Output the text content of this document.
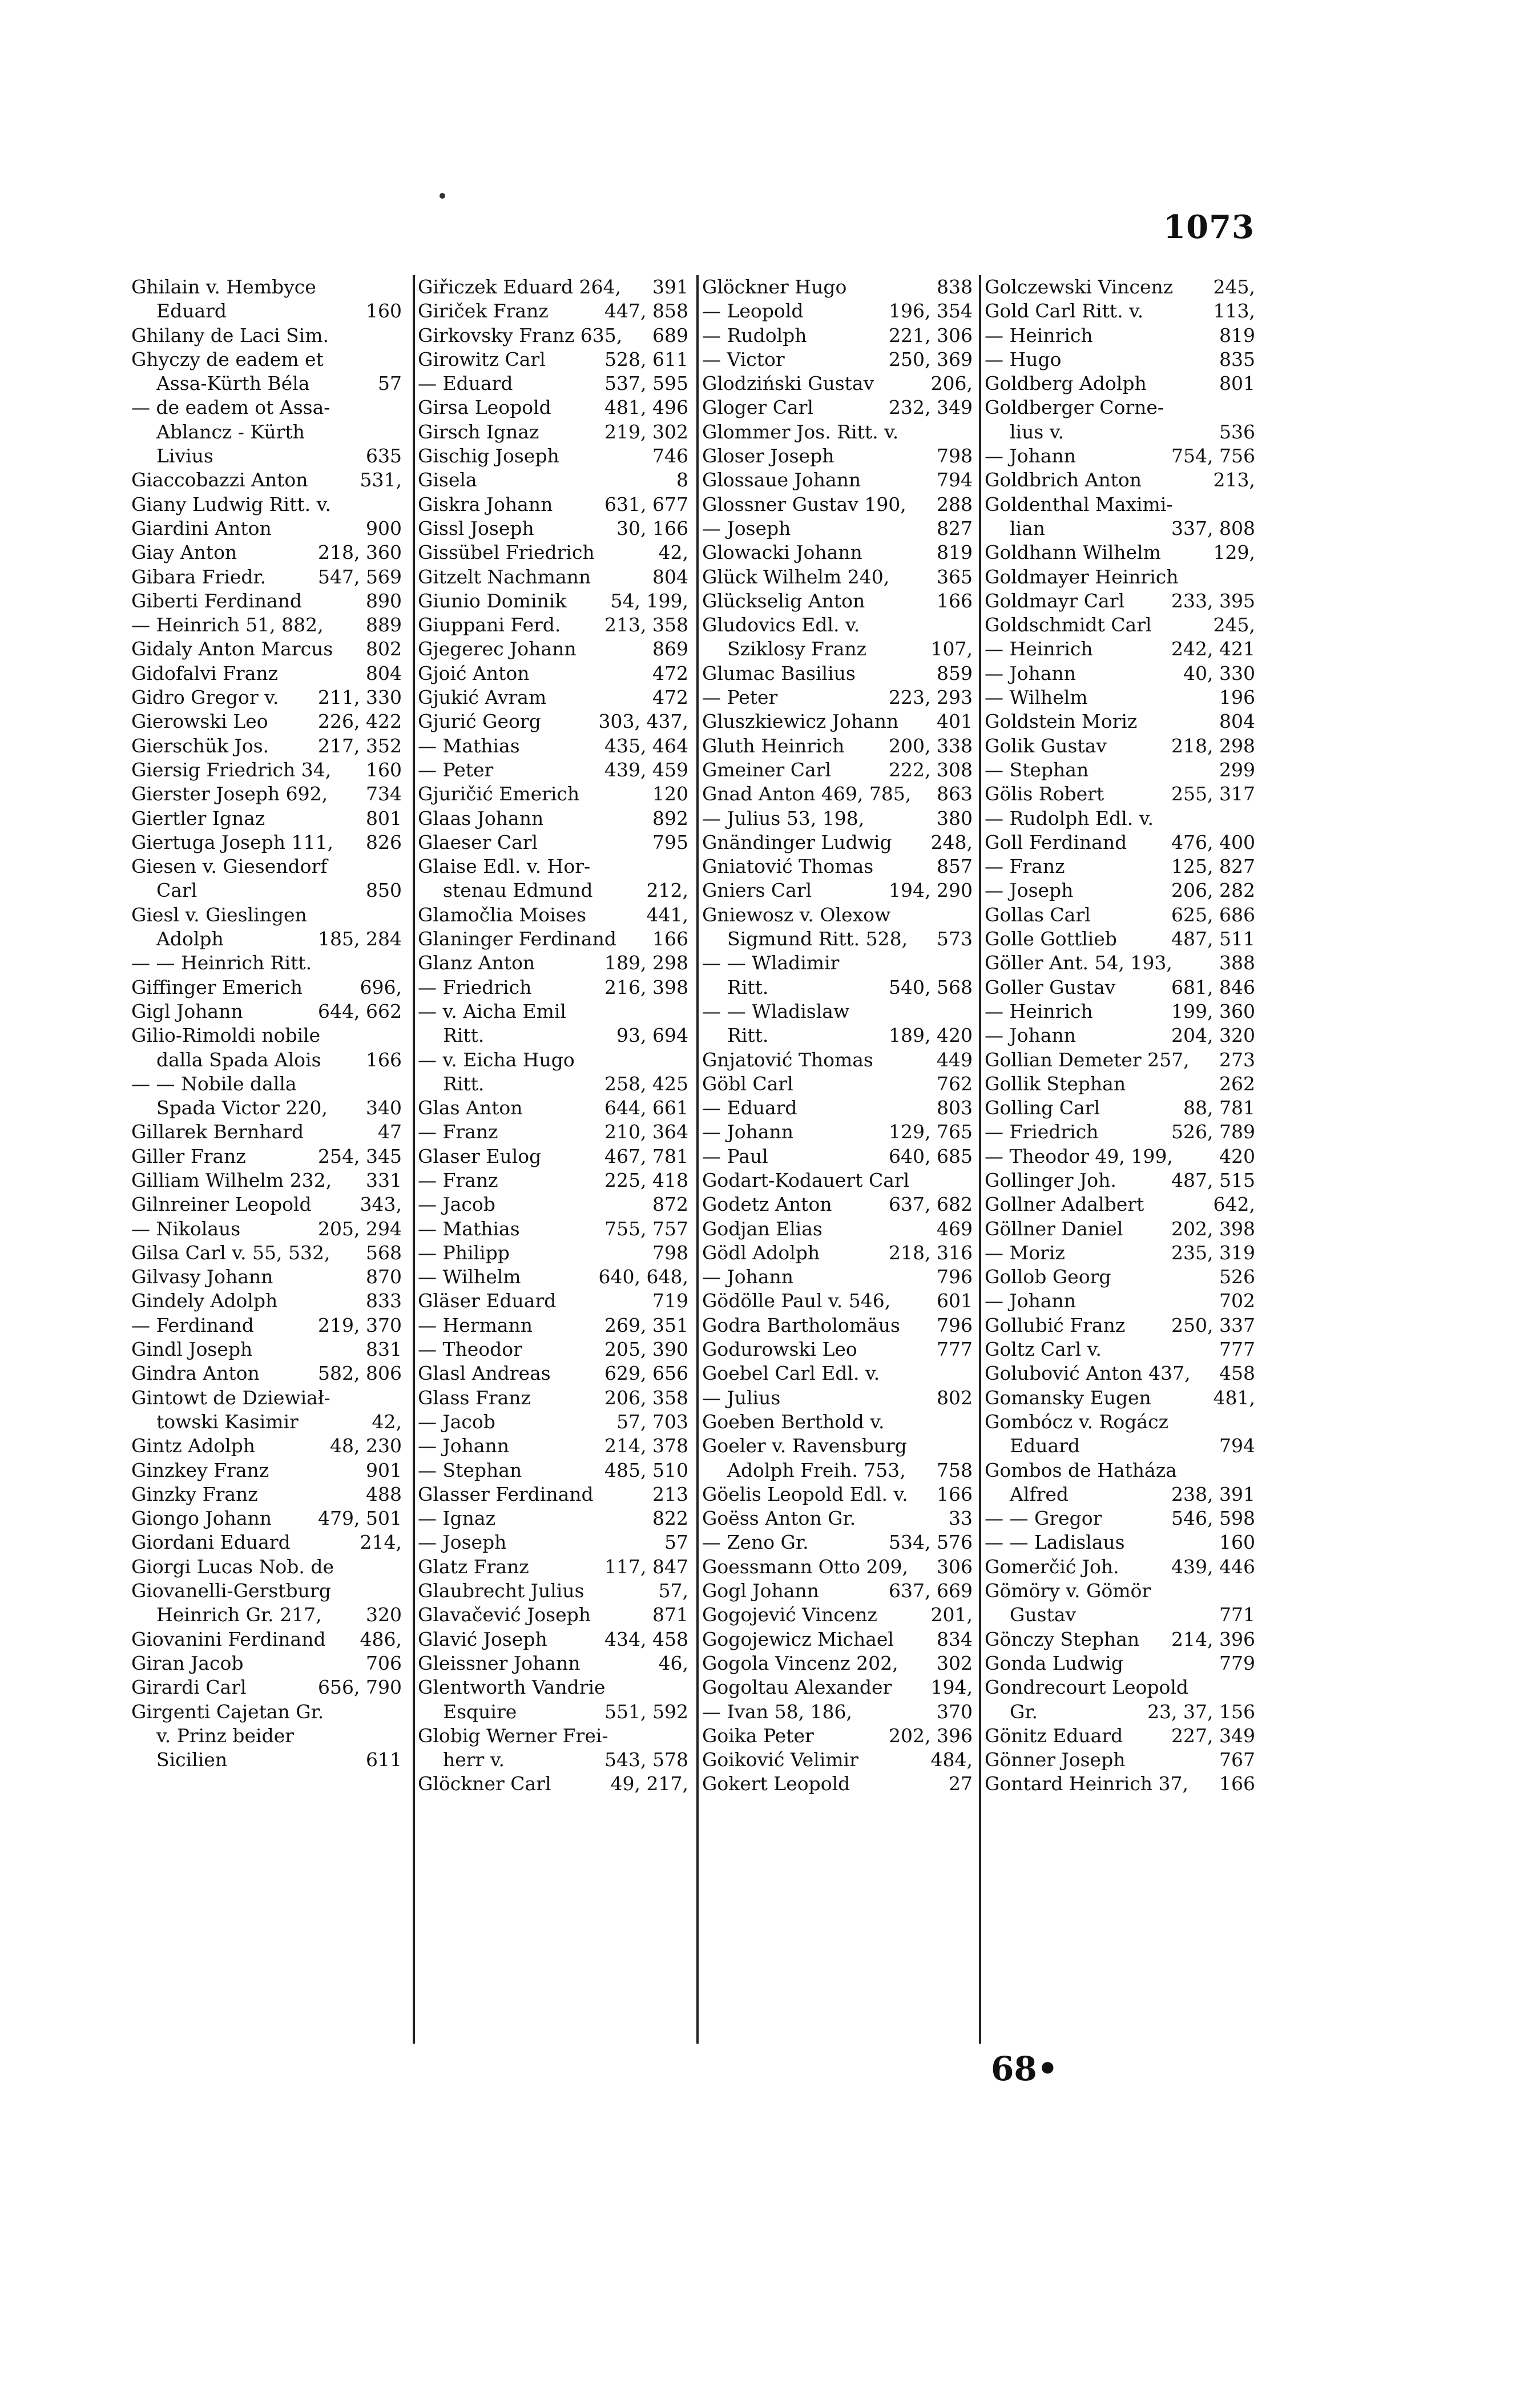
1073
Ghilain v. Hembyce
Eduard	160
Ghilany de Laci Sim.
Ghyczy de eadem et
Assa-Kürth Béla	57
— de eadem ot Assa-
Ablancz - Kürth
Livius	635
Giaccobazzi Anton	531,
Giany Ludwig Ritt. v.
Giardini Anton	900
Giay Anton	218, 360
Gibara Friedr.	547, 569
Giberti Ferdinand	890
— Heinrich 51, 882,	889
Gidaly Anton Marcus	802
Gidofalvi Franz	804
Gidro Gregor v.	211, 330
Gierowski Leo	226, 422
Gierschük Jos.	217, 352
Giersig Friedrich 34,	160
Gierster Joseph 692,	734
Giertler Ignaz	801
Giertuga Joseph 111,	826
Giesen v. Giesendorf
Carl	850
Giesl v. Gieslingen
Adolph	185, 284
— — Heinrich Ritt.
Giffinger Emerich	696,
Gigl Johann	644, 662
Gilio-Rimoldi nobile
dalla Spada Alois	166
— — Nobile dalla
Spada Victor 220,	340
Gillarek Bernhard	47
Giller Franz	254, 345
Gilliam Wilhelm 232,	331
Gilnreiner Leopold	343,
— Nikolaus	205, 294
Gilsa Carl v. 55, 532,	568
Gilvasy Johann	870
Gindely Adolph	833
— Ferdinand	219, 370
Gindl Joseph	831
Gindra Anton	582, 806
Gintowt de Dziewiał-
towski Kasimir	42,
Gintz Adolph	48, 230
Ginzkey Franz	901
Ginzky Franz	488
Giongo Johann	479, 501
Giordani Eduard	214,
Giorgi Lucas Nob. de
Giovanelli-Gerstburg
Heinrich Gr. 217,	320
Giovanini Ferdinand	486,
Giran Jacob	706
Girardi Carl	656, 790
Girgenti Cajetan Gr.
v. Prinz beider
Sicilien	611
Giřiczek Eduard 264,	391
Giriček Franz	447, 858
Girkovsky Franz 635,	689
Girowitz Carl	528, 611
— Eduard	537, 595
Girsa Leopold	481, 496
Girsch Ignaz	219, 302
Gischig Joseph	746
Gisela	8
Giskra Johann	631, 677
Gissl Joseph	30, 166
Gissübel Friedrich	42,
Gitzelt Nachmann	804
Giunio Dominik	54, 199,
Giuppani Ferd.	213, 358
Gjegerec Johann	869
Gjoić Anton	472
Gjukić Avram	472
Gjurić Georg	303, 437,
— Mathias	435, 464
— Peter	439, 459
Gjuričić Emerich	120
Glaas Johann	892
Glaeser Carl	795
Glaise Edl. v. Hor-
stenau Edmund	212,
Glamočlia Moises	441,
Glaninger Ferdinand	166
Glanz Anton	189, 298
— Friedrich	216, 398
— v. Aicha Emil
Ritt.	93, 694
— v. Eicha Hugo
Ritt.	258, 425
Glas Anton	644, 661
— Franz	210, 364
Glaser Eulog	467, 781
— Franz	225, 418
— Jacob	872
— Mathias	755, 757
— Philipp	798
— Wilhelm	640, 648,
Gläser Eduard	719
— Hermann	269, 351
— Theodor	205, 390
Glasl Andreas	629, 656
Glass Franz	206, 358
— Jacob	57, 703
— Johann	214, 378
— Stephan	485, 510
Glasser Ferdinand	213
— Ignaz	822
— Joseph	57
Glatz Franz	117, 847
Glaubrecht Julius	57,
Glavačević Joseph	871
Glavić Joseph	434, 458
Gleissner Johann	46,
Glentworth Vandrie
Esquire	551, 592
Globig Werner Frei-
herr v.	543, 578
Glöckner Carl	49, 217,
Glöckner Hugo	838
— Leopold	196, 354
— Rudolph	221, 306
— Victor	250, 369
Glodziński Gustav	206,
Gloger Carl	232, 349
Glommer Jos. Ritt. v.
Gloser Joseph	798
Glossaue Johann	794
Glossner Gustav 190,	288
— Joseph	827
Glowacki Johann	819
Glück Wilhelm 240,	365
Glückselig Anton	166
Gludovics Edl. v.
Sziklosy Franz	107,
Glumac Basilius	859
— Peter	223, 293
Gluszkiewicz Johann	401
Gluth Heinrich	200, 338
Gmeiner Carl	222, 308
Gnad Anton 469, 785,	863
— Julius 53, 198,	380
Gnändinger Ludwig	248,
Gniatović Thomas	857
Gniers Carl	194, 290
Gniewosz v. Olexow
Sigmund Ritt. 528,	573
— — Wladimir
Ritt.	540, 568
— — Wladislaw
Ritt.	189, 420
Gnjatović Thomas	449
Göbl Carl	762
— Eduard	803
— Johann	129, 765
— Paul	640, 685
Godart-Kodauert Carl
Godetz Anton	637, 682
Godjan Elias	469
Gödl Adolph	218, 316
— Johann	796
Gödölle Paul v. 546,	601
Godra Bartholomäus	796
Godurowski Leo	777
Goebel Carl Edl. v.
— Julius	802
Goeben Berthold v.
Goeler v. Ravensburg
Adolph Freih. 753,	758
Göelis Leopold Edl. v.	166
Goëss Anton Gr.	33
— Zeno Gr.	534, 576
Goessmann Otto 209,	306
Gogl Johann	637, 669
Gogojević Vincenz	201,
Gogojewicz Michael	834
Gogola Vincenz 202,	302
Gogoltau Alexander	194,
— Ivan 58, 186,	370
Goika Peter	202, 396
Goiković Velimir	484,
Gokert Leopold	27
Golczewski Vincenz	245,
Gold Carl Ritt. v.	113,
— Heinrich	819
— Hugo	835
Goldberg Adolph	801
Goldberger Corne-
lius v.	536
— Johann	754, 756
Goldbrich Anton	213,
Goldenthal Maximi-
lian	337, 808
Goldhann Wilhelm	129,
Goldmayer Heinrich
Goldmayr Carl	233, 395
Goldschmidt Carl	245,
— Heinrich	242, 421
— Johann	40, 330
— Wilhelm	196
Goldstein Moriz	804
Golik Gustav	218, 298
— Stephan	299
Gölis Robert	255, 317
— Rudolph Edl. v.
Goll Ferdinand	476, 400
— Franz	125, 827
— Joseph	206, 282
Gollas Carl	625, 686
Golle Gottlieb	487, 511
Göller Ant. 54, 193,	388
Goller Gustav	681, 846
— Heinrich	199, 360
— Johann	204, 320
Gollian Demeter 257,	273
Gollik Stephan	262
Golling Carl	88, 781
— Friedrich	526, 789
— Theodor 49, 199,	420
Gollinger Joh.	487, 515
Gollner Adalbert	642,
Göllner Daniel	202, 398
— Moriz	235, 319
Gollob Georg	526
— Johann	702
Gollubić Franz	250, 337
Goltz Carl v.	777
Golubović Anton 437,	458
Gomansky Eugen	481,
Gombócz v. Rogácz
Eduard	794
Gombos de Hatháza
Alfred	238, 391
— — Gregor	546, 598
— — Ladislaus	160
Gomerčić Joh.	439, 446
Gömöry v. Gömör
Gustav	771
Gönczy Stephan	214, 396
Gonda Ludwig	779
Gondrecourt Leopold
Gr.	23, 37, 156
Gönitz Eduard	227, 349
Gönner Joseph	767
Gontard Heinrich 37,	166
68•
